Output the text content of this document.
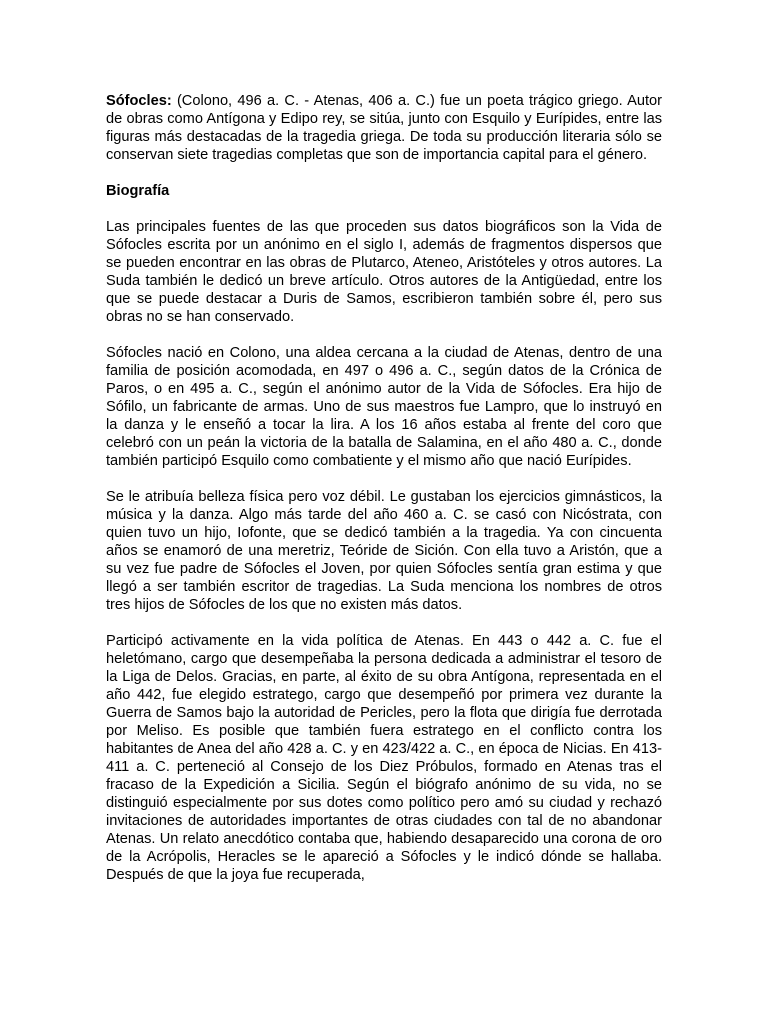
Sófocles: (Colono, 496 a. C. - Atenas, 406 a. C.) fue un poeta trágico griego. Autor de obras como Antígona y Edipo rey, se sitúa, junto con Esquilo y Eurípides, entre las figuras más destacadas de la tragedia griega. De toda su producción literaria sólo se conservan siete tragedias completas que son de importancia capital para el género.

Biografía

Las principales fuentes de las que proceden sus datos biográficos son la Vida de Sófocles escrita por un anónimo en el siglo I, además de fragmentos dispersos que se pueden encontrar en las obras de Plutarco, Ateneo, Aristóteles y otros autores. La Suda también le dedicó un breve artículo. Otros autores de la Antigüedad, entre los que se puede destacar a Duris de Samos, escribieron también sobre él, pero sus obras no se han conservado.

Sófocles nació en Colono, una aldea cercana a la ciudad de Atenas, dentro de una familia de posición acomodada, en 497 o 496 a. C., según datos de la Crónica de Paros, o en 495 a. C., según el anónimo autor de la Vida de Sófocles. Era hijo de Sófilo, un fabricante de armas. Uno de sus maestros fue Lampro, que lo instruyó en la danza y le enseñó a tocar la lira. A los 16 años estaba al frente del coro que celebró con un peán la victoria de la batalla de Salamina, en el año 480 a. C., donde también participó Esquilo como combatiente y el mismo año que nació Eurípides.

Se le atribuía belleza física pero voz débil. Le gustaban los ejercicios gimnásticos, la música y la danza. Algo más tarde del año 460 a. C. se casó con Nicóstrata, con quien tuvo un hijo, Iofonte, que se dedicó también a la tragedia. Ya con cincuenta años se enamoró de una meretriz, Teóride de Sición. Con ella tuvo a Aristón, que a su vez fue padre de Sófocles el Joven, por quien Sófocles sentía gran estima y que llegó a ser también escritor de tragedias. La Suda menciona los nombres de otros tres hijos de Sófocles de los que no existen más datos.

Participó activamente en la vida política de Atenas. En 443 o 442 a. C. fue el heletómano, cargo que desempeñaba la persona dedicada a administrar el tesoro de la Liga de Delos. Gracias, en parte, al éxito de su obra Antígona, representada en el año 442, fue elegido estratego, cargo que desempeñó por primera vez durante la Guerra de Samos bajo la autoridad de Pericles, pero la flota que dirigía fue derrotada por Meliso. Es posible que también fuera estratego en el conflicto contra los habitantes de Anea del año 428 a. C. y en 423/422 a. C., en época de Nicias. En 413-411 a. C. perteneció al Consejo de los Diez Próbulos, formado en Atenas tras el fracaso de la Expedición a Sicilia. Según el biógrafo anónimo de su vida, no se distinguió especialmente por sus dotes como político pero amó su ciudad y rechazó invitaciones de autoridades importantes de otras ciudades con tal de no abandonar Atenas. Un relato anecdótico contaba que, habiendo desaparecido una corona de oro de la Acrópolis, Heracles se le apareció a Sófocles y le indicó dónde se hallaba. Después de que la joya fue recuperada,
